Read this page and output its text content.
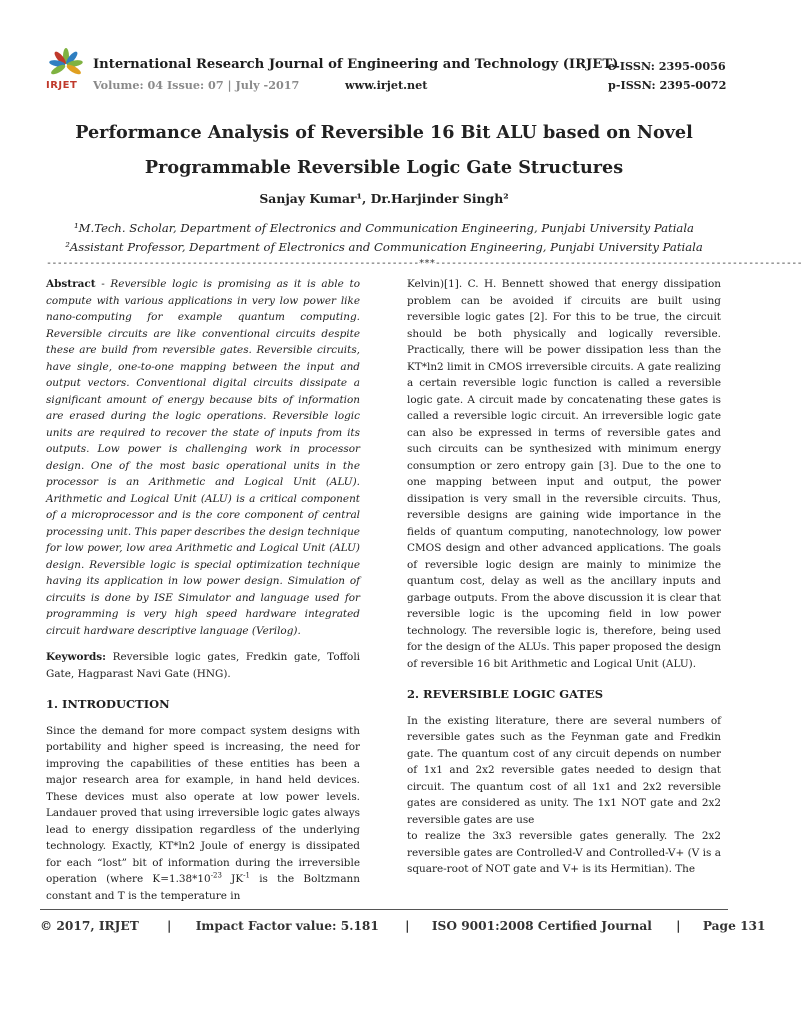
IRJET
International Research Journal of Engineering and Technology (IRJET)
Volume: 04 Issue: 07 | July -2017	www.irjet.net
e-ISSN: 2395-0056
p-ISSN: 2395-0072
Performance Analysis of Reversible 16 Bit ALU based on Novel
Programmable Reversible Logic Gate Structures
Sanjay Kumar¹, Dr.Harjinder Singh²
¹M.Tech. Scholar, Department of Electronics and Communication Engineering, Punjabi University Patiala
²Assistant Professor, Department of Electronics and Communication Engineering, Punjabi University Patiala
---------------------------------------------------------------------***--------------------------------------------------------------------

Abstract - Reversible logic is promising as it is able to compute with various applications in very low power like nano-computing for example quantum computing. Reversible circuits are like conventional circuits despite these are build from reversible gates. Reversible circuits, have single, one-to-one mapping between the input and output vectors. Conventional digital circuits dissipate a significant amount of energy because bits of information are erased during the logic operations. Reversible logic units are required to recover the state of inputs from its outputs. Low power is challenging work in processor design. One of the most basic operational units in the processor is an Arithmetic and Logical Unit (ALU). Arithmetic and Logical Unit (ALU) is a critical component of a microprocessor and is the core component of central processing unit. This paper describes the design technique for low power, low area Arithmetic and Logical Unit (ALU) design. Reversible logic is special optimization technique having its application in low power design. Simulation of circuits is done by ISE Simulator and language used for programming is very high speed hardware integrated circuit hardware descriptive language (Verilog).

Keywords: Reversible logic gates, Fredkin gate, Toffoli Gate, Hagparast Navi Gate (HNG).

1. INTRODUCTION

Since the demand for more compact system designs with portability and higher speed is increasing, the need for improving the capabilities of these entities has been a major research area for example, in hand held devices. These devices must also operate at low power levels. Landauer proved that using irreversible logic gates always lead to energy dissipation regardless of the underlying technology. Exactly, KT*ln2 Joule of energy is dissipated for each “lost” bit of information during the irreversible operation (where $K=1.38*10^{-23}$ $JK^{-1}$ is the Boltzmann constant and T is the temperature in

Kelvin)[1]. C. H. Bennett showed that energy dissipation problem can be avoided if circuits are built using reversible logic gates [2]. For this to be true, the circuit should be both physically and logically reversible. Practically, there will be power dissipation less than the KT*ln2 limit in CMOS irreversible circuits. A gate realizing a certain reversible logic function is called a reversible logic gate. A circuit made by concatenating these gates is called a reversible logic circuit. An irreversible logic gate can also be expressed in terms of reversible gates and such circuits can be synthesized with minimum energy consumption or zero entropy gain [3]. Due to the one to one mapping between input and output, the power dissipation is very small in the reversible circuits. Thus, reversible designs are gaining wide importance in the fields of quantum computing, nanotechnology, low power CMOS design and other advanced applications. The goals of reversible logic design are mainly to minimize the quantum cost, delay as well as the ancillary inputs and garbage outputs. From the above discussion it is clear that reversible logic is the upcoming field in low power technology. The reversible logic is, therefore, being used for the design of the ALUs. This paper proposed the design of reversible 16 bit Arithmetic and Logical Unit (ALU).

2. REVERSIBLE LOGIC GATES

In the existing literature, there are several numbers of reversible gates such as the Feynman gate and Fredkin gate. The quantum cost of any circuit depends on number of 1x1 and 2x2 reversible gates needed to design that circuit. The quantum cost of all 1x1 and 2x2 reversible gates are considered as unity. The 1x1 NOT gate and 2x2 reversible gates are use

to realize the 3x3 reversible gates generally. The 2x2 reversible gates are Controlled-V and Controlled-V+ (V is a square-root of NOT gate and V+ is its Hermitian). The

© 2017, IRJET | Impact Factor value: 5.181 | ISO 9001:2008 Certified Journal | Page 131
